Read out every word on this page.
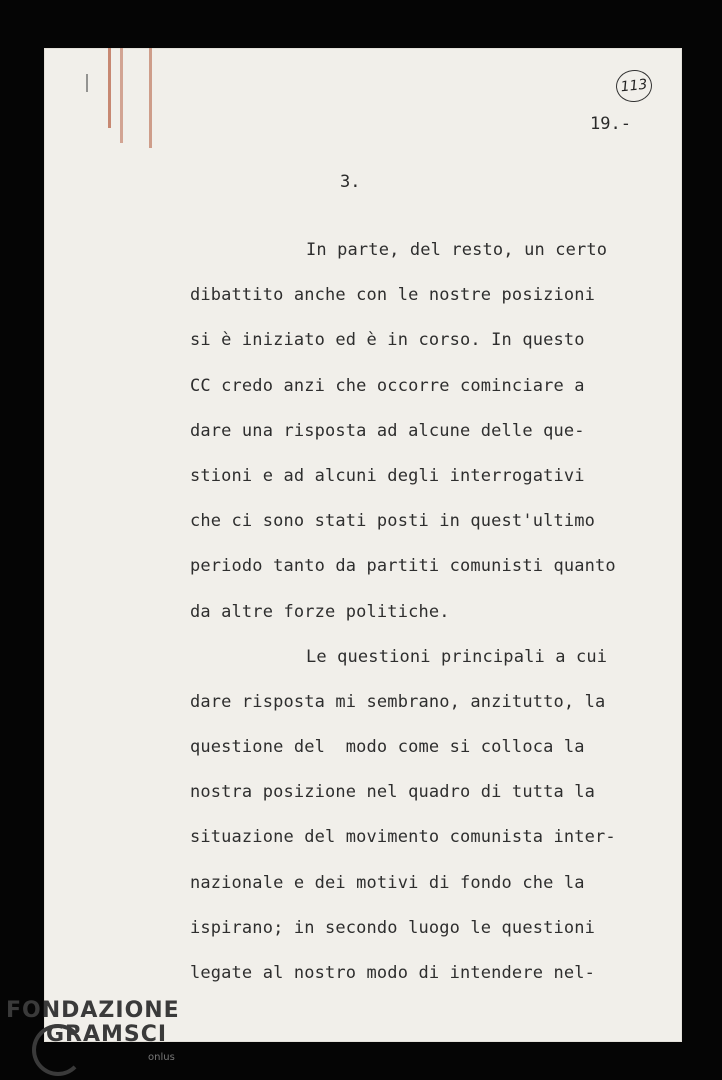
113
19.-
3.
In parte, del resto, un certo
dibattito anche con le nostre posizioni
si è iniziato ed è in corso. In questo
CC credo anzi che occorre cominciare a
dare una risposta ad alcune delle que-
stioni e ad alcuni degli interrogativi
che ci sono stati posti in quest'ultimo
periodo tanto da partiti comunisti quanto
da altre forze politiche.
Le questioni principali a cui
dare risposta mi sembrano, anzitutto, la
questione del  modo come si colloca la
nostra posizione nel quadro di tutta la
situazione del movimento comunista inter-
nazionale e dei motivi di fondo che la
ispirano; in secondo luogo le questioni
legate al nostro modo di intendere nel-
FONDAZIONE
GRAMSCI
onlus
